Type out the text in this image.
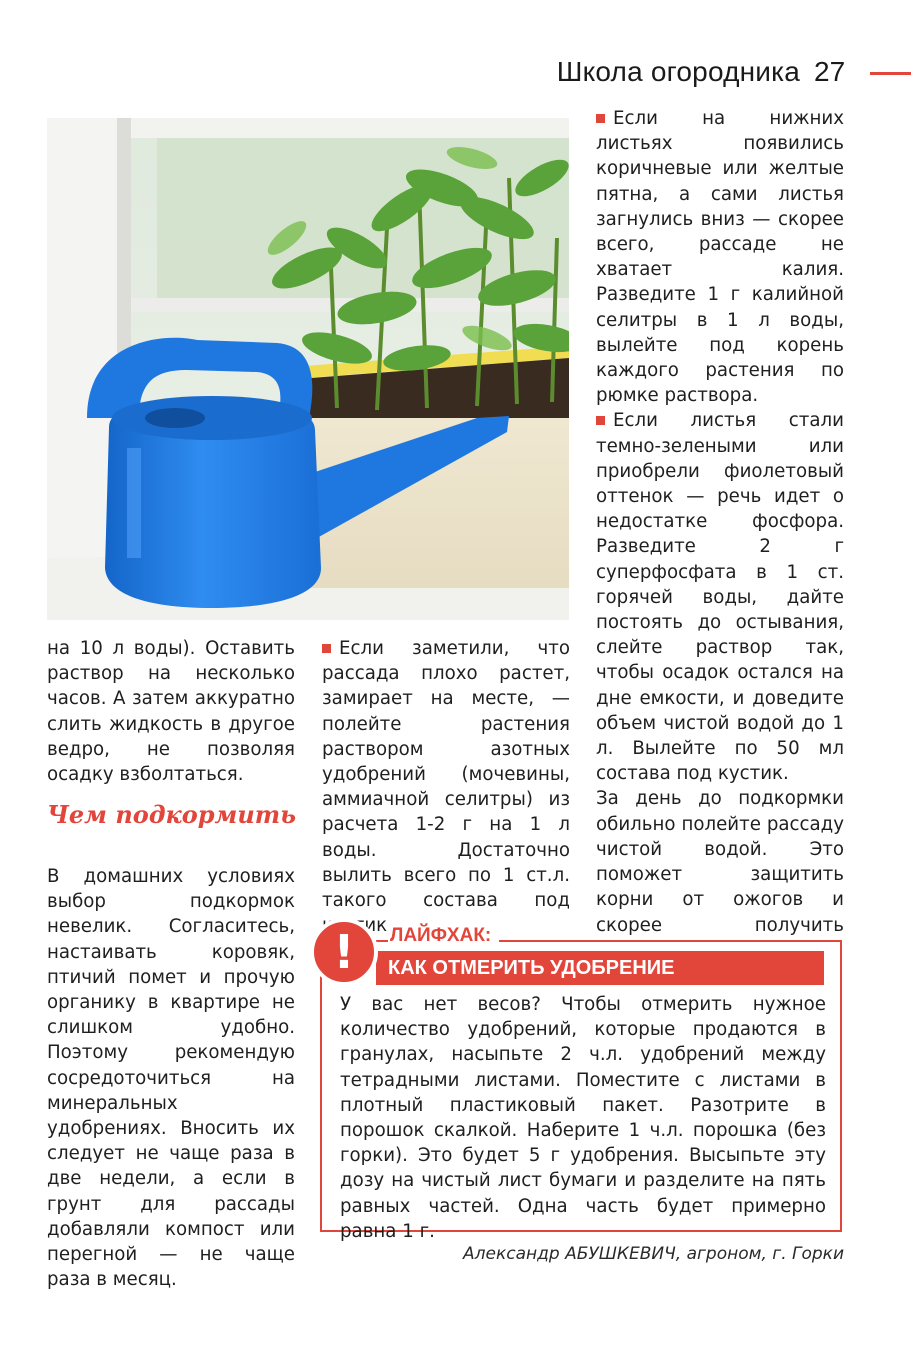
Школа огородника 27

на 10 л воды). Оставить раствор на несколько часов. А затем аккуратно слить жидкость в другое ведро, не позволяя осадку взболтаться.

Чем подкормить

В домашних условиях выбор подкормок невелик. Согласитесь, настаивать коровяк, птичий помет и прочую органику в квартире не слишком удобно. Поэтому рекомендую сосредоточиться на минеральных удобрениях. Вносить их следует не чаще раза в две недели, а если в грунт для рассады добавляли компост или перегной — не чаще раза в месяц.

Если заметили, что рассада плохо растет, замирает на месте, — полейте растения раствором азотных удобрений (мочевины, аммиачной селитры) из расчета 1-2 г на 1 л воды. Достаточно вылить всего по 1 ст.л. такого состава под

Если на нижних листьях появились коричневые или желтые пятна, а сами листья загнулись вниз — скорее всего, рассаде не хватает калия. Разведите 1 г калийной селитры в 1 л воды, вылейте под корень каждого растения по рюмке раствора.

Если листья стали темно-зелеными или приобрели фиолетовый оттенок — речь идет о недостатке фосфора. Разведите 2 г суперфосфата в 1 ст. горячей воды, дайте постоять до остывания, слейте раствор так, чтобы осадок остался на дне емкости, и доведите объем чистой водой до 1 л. Вылейте по 50 мл состава под кустик.

За день до подкормки обильно полейте рассаду чистой водой. Это поможет защитить корни от ожогов и скорее получить

!	ЛАЙФХАК:
КАК ОТМЕРИТЬ УДОБРЕНИЕ

У вас нет весов? Чтобы отмерить нужное количество удобрений, которые продаются в гранулах, насыпьте 2 ч.л. удобрений между тетрадными листами. Поместите с листами в плотный пластиковый пакет. Разотрите в порошок скалкой. Наберите 1 ч.л. порошка (без горки). Это будет 5 г удобрения. Высыпьте эту дозу на чистый лист бумаги и разделите на пять равных частей. Одна часть будет примерно равна 1 г.

Александр АБУШКЕВИЧ, агроном, г. Горки
